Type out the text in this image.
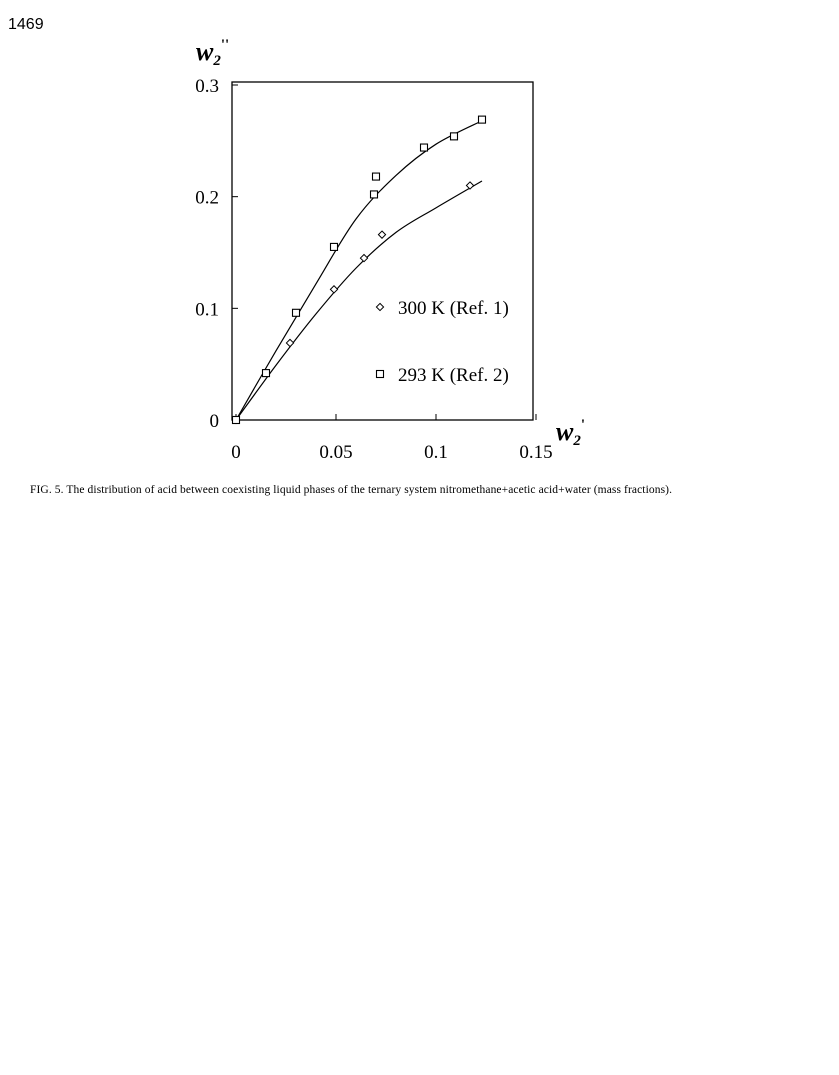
1469
0	0.05	0.1	0.15
0
0.1
0.2
0.3
w2''
w2'
300 K (Ref. 1)
293 K (Ref. 2)
FIG. 5. The distribution of acid between coexisting liquid phases of the ternary system nitromethane+acetic acid+water (mass fractions).
